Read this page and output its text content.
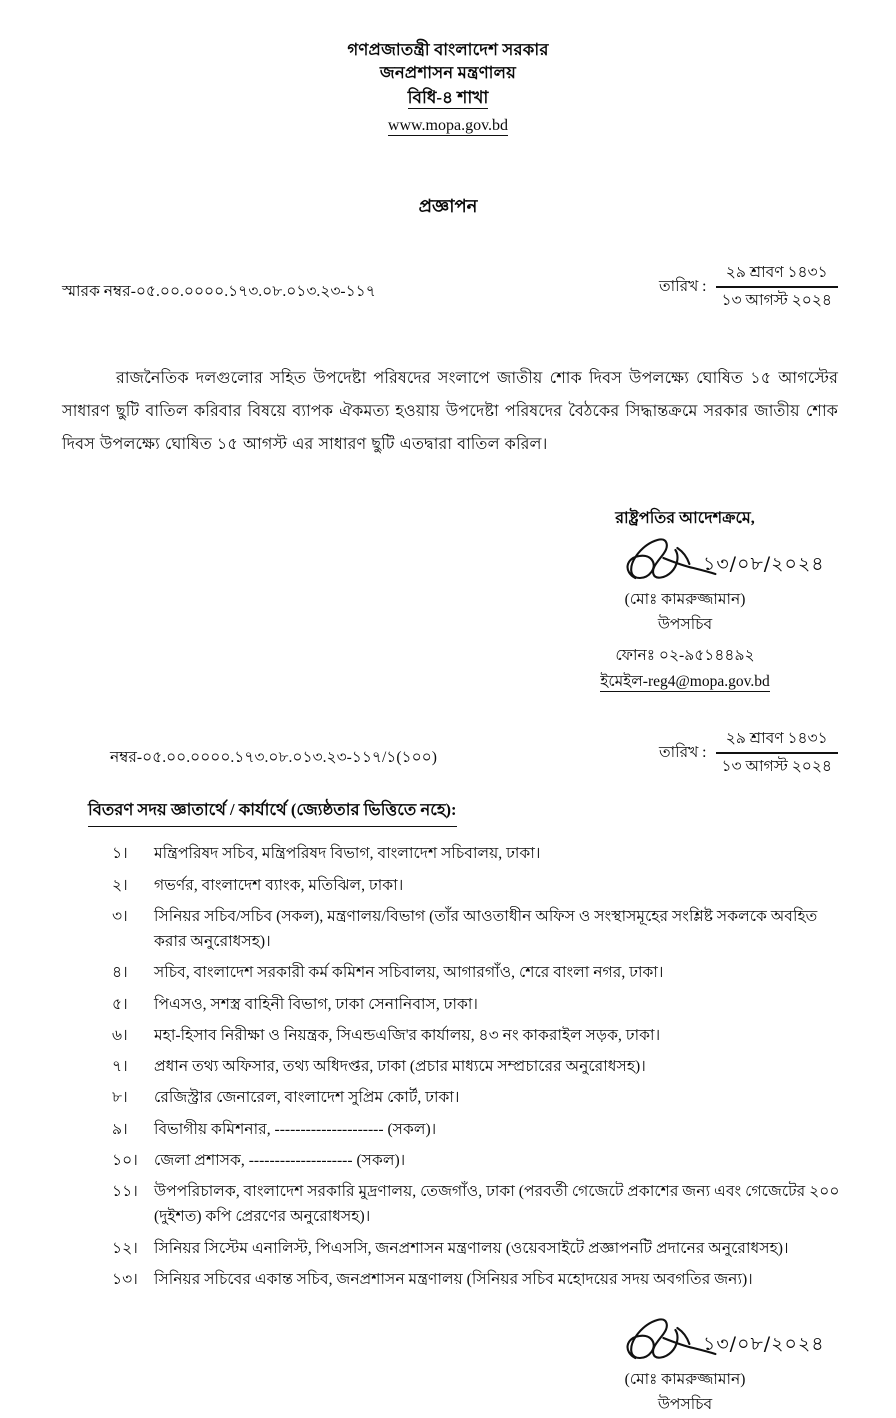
গণপ্রজাতন্ত্রী বাংলাদেশ সরকার
জনপ্রশাসন মন্ত্রণালয়
বিধি-৪ শাখা
www.mopa.gov.bd
প্রজ্ঞাপন
স্মারক নম্বর-০৫.০০.০০০০.১৭৩.০৮.০১৩.২৩-১১৭	তারিখ :
২৯ শ্রাবণ ১৪৩১
১৩ আগস্ট ২০২৪
রাজনৈতিক দলগুলোর সহিত উপদেষ্টা পরিষদের সংলাপে জাতীয় শোক দিবস উপলক্ষ্যে ঘোষিত ১৫ আগস্টের সাধারণ ছুটি বাতিল করিবার বিষয়ে ব্যাপক ঐকমত্য হওয়ায় উপদেষ্টা পরিষদের বৈঠকের সিদ্ধান্তক্রমে সরকার জাতীয় শোক দিবস উপলক্ষ্যে ঘোষিত ১৫ আগস্ট এর সাধারণ ছুটি এতদ্বারা বাতিল করিল।
রাষ্ট্রপতির আদেশক্রমে,
১৩/০৮/২০২৪
(মোঃ কামরুজ্জামান)
উপসচিব
ফোনঃ ০২-৯৫১৪৪৯২
ইমেইল-reg4@mopa.gov.bd
নম্বর-০৫.০০.০০০০.১৭৩.০৮.০১৩.২৩-১১৭/১(১০০)	তারিখ :
২৯ শ্রাবণ ১৪৩১
১৩ আগস্ট ২০২৪
বিতরণ সদয় জ্ঞাতার্থে / কার্যার্থে (জ্যেষ্ঠতার ভিত্তিতে নহে):
১।	মন্ত্রিপরিষদ সচিব, মন্ত্রিপরিষদ বিভাগ, বাংলাদেশ সচিবালয়, ঢাকা।
২।	গভর্ণর, বাংলাদেশ ব্যাংক, মতিঝিল, ঢাকা।
৩।	সিনিয়র সচিব/সচিব (সকল), মন্ত্রণালয়/বিভাগ (তাঁর আওতাধীন অফিস ও সংস্থাসমূহের সংশ্লিষ্ট সকলকে অবহিত করার অনুরোধসহ)।
৪।	সচিব, বাংলাদেশ সরকারী কর্ম কমিশন সচিবালয়, আগারগাঁও, শেরে বাংলা নগর, ঢাকা।
৫।	পিএসও, সশস্ত্র বাহিনী বিভাগ, ঢাকা সেনানিবাস, ঢাকা।
৬।	মহা-হিসাব নিরীক্ষা ও নিয়ন্ত্রক, সিএন্ডএজি'র কার্যালয়, ৪৩ নং কাকরাইল সড়ক, ঢাকা।
৭।	প্রধান তথ্য অফিসার, তথ্য অধিদপ্তর, ঢাকা (প্রচার মাধ্যমে সম্প্রচারের অনুরোধসহ)।
৮।	রেজিস্ট্রার জেনারেল, বাংলাদেশ সুপ্রিম কোর্ট, ঢাকা।
৯।	বিভাগীয় কমিশনার, --------------------- (সকল)।
১০।	জেলা প্রশাসক, -------------------- (সকল)।
১১।	উপপরিচালক, বাংলাদেশ সরকারি মুদ্রণালয়, তেজগাঁও, ঢাকা (পরবর্তী গেজেটে প্রকাশের জন্য এবং গেজেটের ২০০ (দুইশত) কপি প্রেরণের অনুরোধসহ)।
১২।	সিনিয়র সিস্টেম এনালিস্ট, পিএসসি, জনপ্রশাসন মন্ত্রণালয় (ওয়েবসাইটে প্রজ্ঞাপনটি প্রদানের অনুরোধসহ)।
১৩।	সিনিয়র সচিবের একান্ত সচিব, জনপ্রশাসন মন্ত্রণালয় (সিনিয়র সচিব মহোদয়ের সদয় অবগতির জন্য)।
১৩/০৮/২০২৪
(মোঃ কামরুজ্জামান)
উপসচিব
